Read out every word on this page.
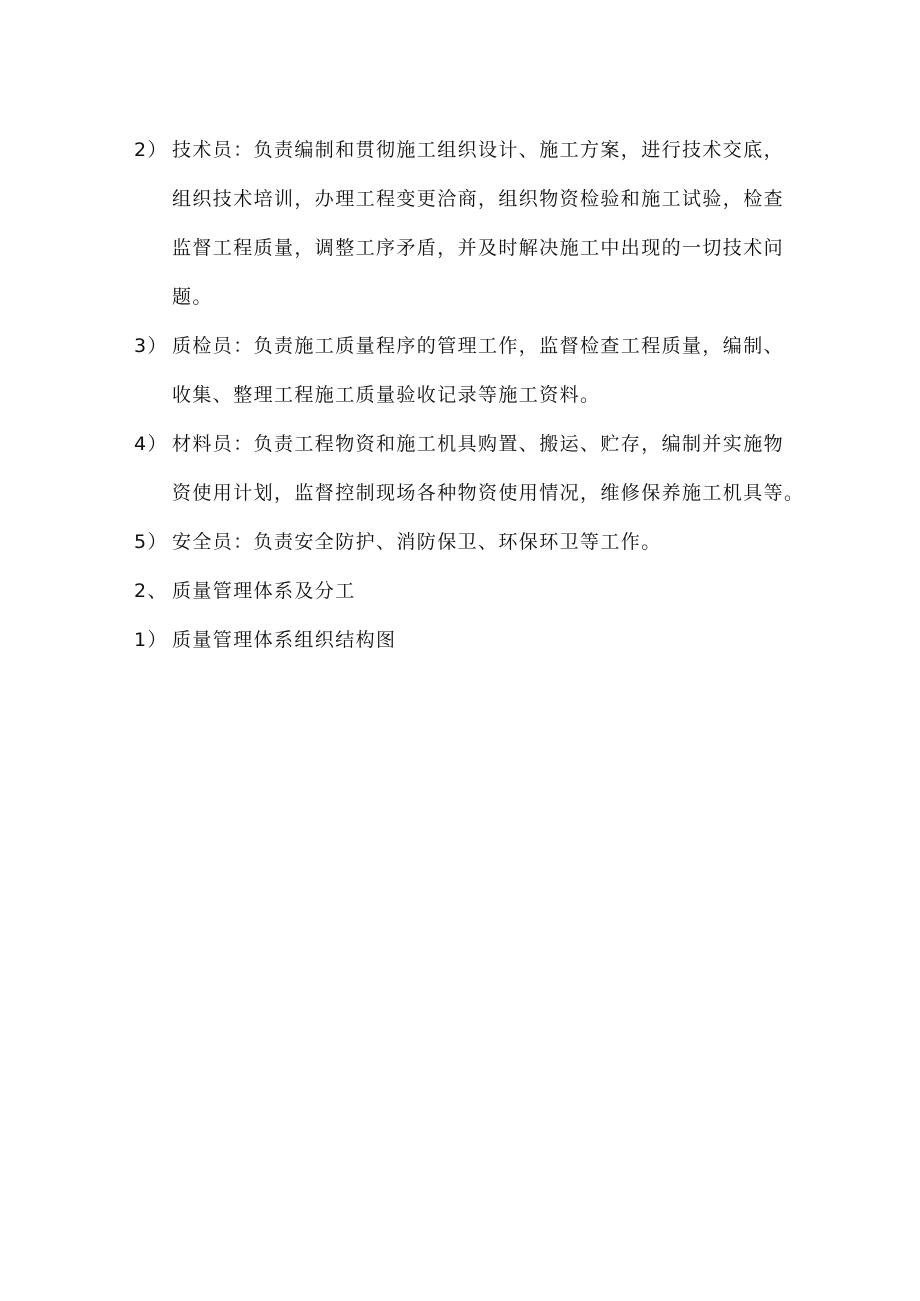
2） 技术员：负责编制和贯彻施工组织设计、施工方案，进行技术交底，
组织技术培训，办理工程变更洽商，组织物资检验和施工试验，检查
监督工程质量，调整工序矛盾，并及时解决施工中出现的一切技术问
题。

3） 质检员：负责施工质量程序的管理工作，监督检查工程质量，编制、
收集、整理工程施工质量验收记录等施工资料。

4） 材料员：负责工程物资和施工机具购置、搬运、贮存，编制并实施物
资使用计划，监督控制现场各种物资使用情况，维修保养施工机具等。

5） 安全员：负责安全防护、消防保卫、环保环卫等工作。

2、 质量管理体系及分工
1） 质量管理体系组织结构图
